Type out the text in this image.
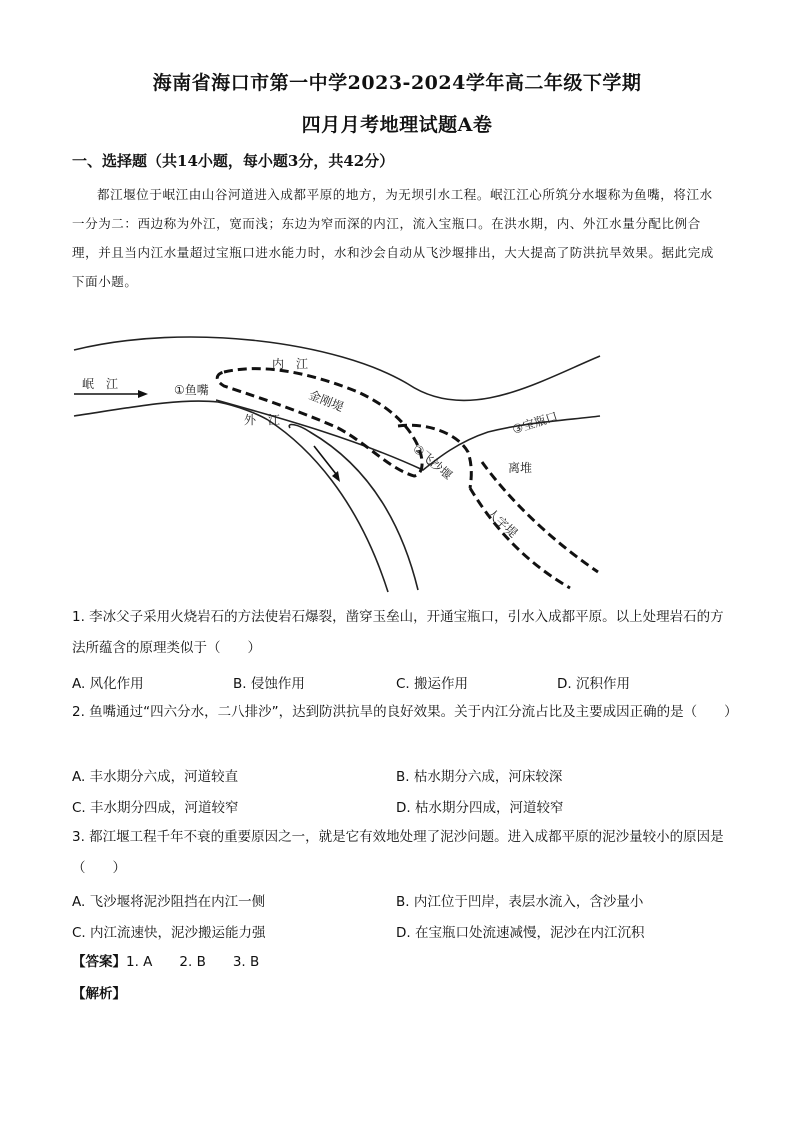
海南省海口市第一中学2023-2024学年高二年级下学期
四月月考地理试题A卷
一、选择题（共14小题，每小题3分，共42分）

都江堰位于岷江由山谷河道进入成都平原的地方，为无坝引水工程。岷江江心所筑分水堰称为鱼嘴，将江水一分为二：西边称为外江，宽而浅；东边为窄而深的内江，流入宝瓶口。在洪水期，内、外江水量分配比例合理，并且当内江水量超过宝瓶口进水能力时，水和沙会自动从飞沙堰排出，大大提高了防洪抗旱效果。据此完成下面小题。

岷　江	①鱼嘴
内　江
外　江
金刚堤
②飞沙堰
③宝瓶口
离堆
人字堤
1. 李冰父子采用火烧岩石的方法使岩石爆裂，凿穿玉垒山，开通宝瓶口，引水入成都平原。以上处理岩石的方法所蕴含的原理类似于（　　）
A. 风化作用	B. 侵蚀作用	C. 搬运作用	D. 沉积作用
2. 鱼嘴通过“四六分水，二八排沙”，达到防洪抗旱的良好效果。关于内江分流占比及主要成因正确的是（　　）
A. 丰水期分六成，河道较直	B. 枯水期分六成，河床较深
C. 丰水期分四成，河道较窄	D. 枯水期分四成，河道较窄
3. 都江堰工程千年不衰的重要原因之一，就是它有效地处理了泥沙问题。进入成都平原的泥沙量较小的原因是（　　）
A. 飞沙堰将泥沙阻挡在内江一侧	B. 内江位于凹岸，表层水流入，含沙量小
C. 内江流速快，泥沙搬运能力强	D. 在宝瓶口处流速减慢，泥沙在内江沉积
【答案】1. A　　2. B　　3. B
【解析】
